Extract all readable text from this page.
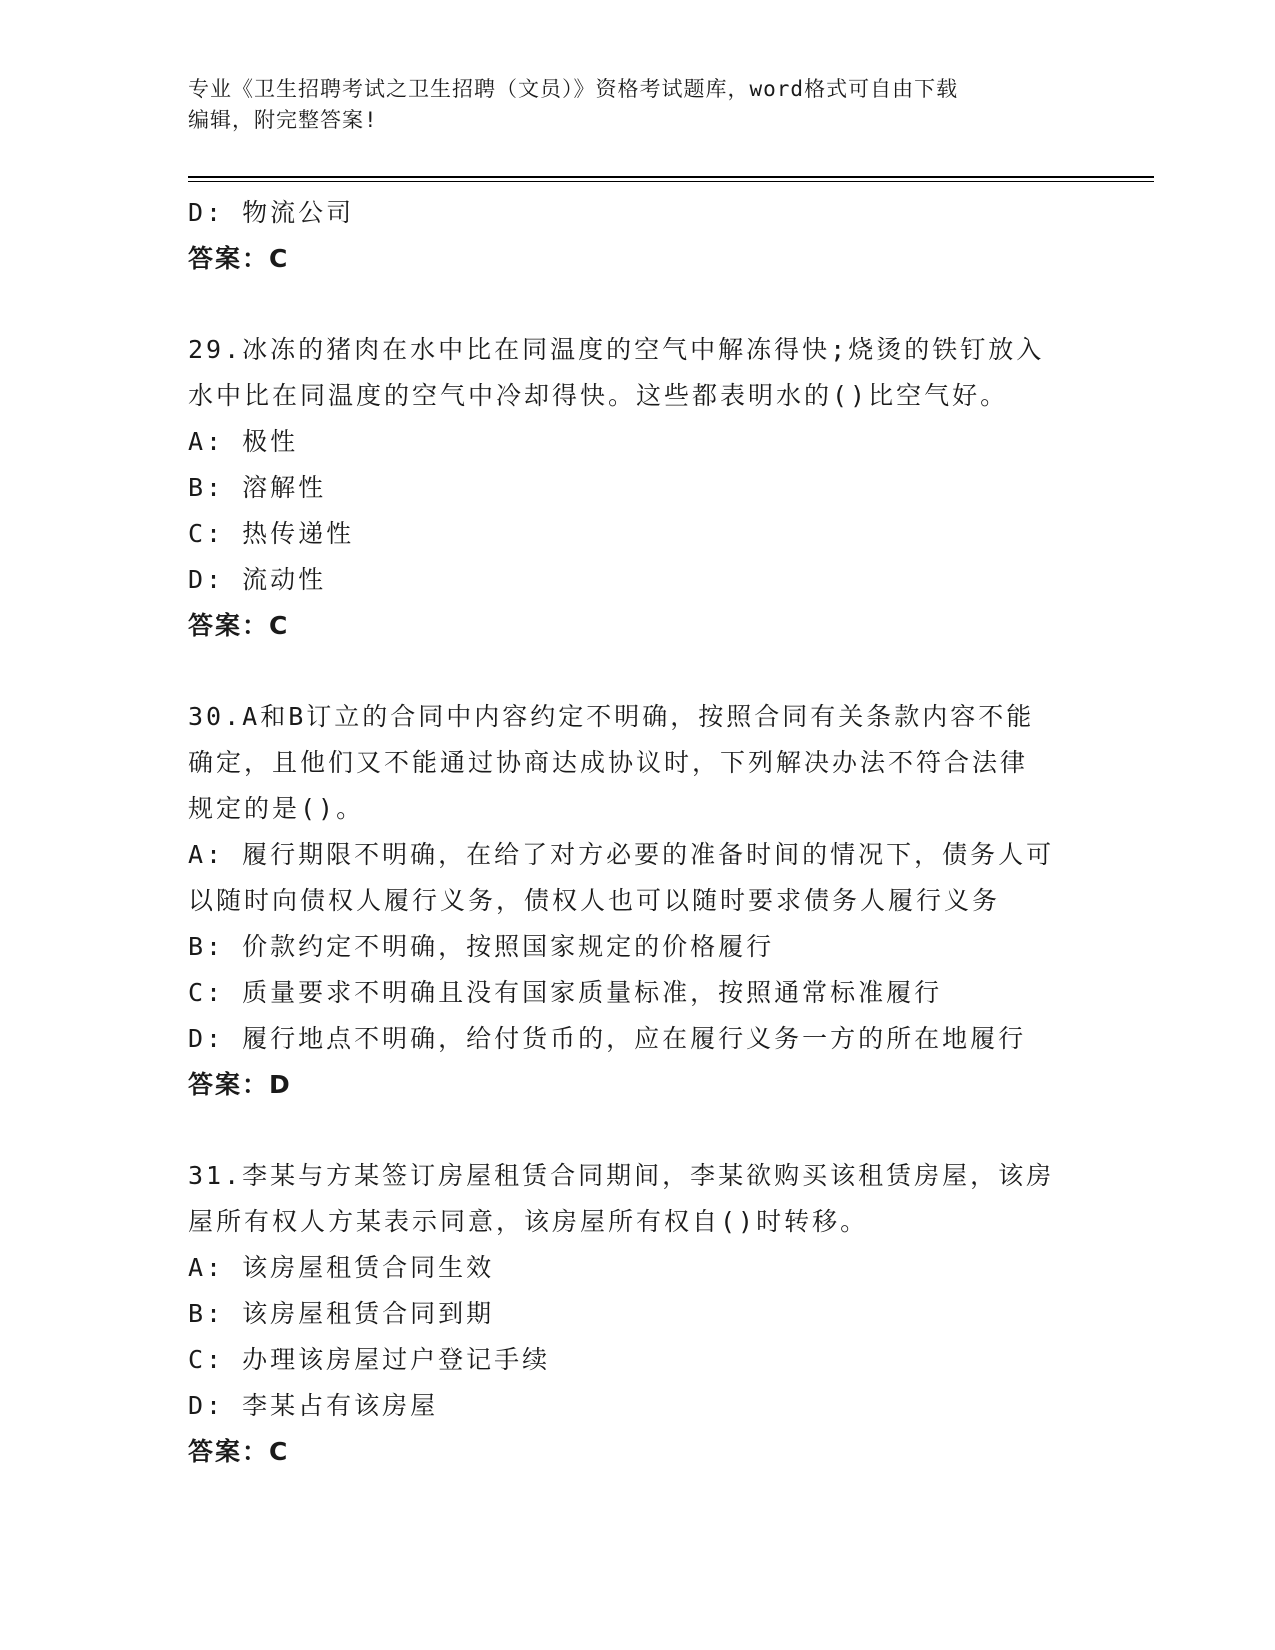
专业《卫生招聘考试之卫生招聘（文员）》资格考试题库，word格式可自由下载
编辑，附完整答案!
D: 物流公司
答案：C
29.冰冻的猪肉在水中比在同温度的空气中解冻得快;烧烫的铁钉放入
水中比在同温度的空气中冷却得快。这些都表明水的()比空气好。
A: 极性
B: 溶解性
C: 热传递性
D: 流动性
答案：C
30.A和B订立的合同中内容约定不明确，按照合同有关条款内容不能
确定，且他们又不能通过协商达成协议时，下列解决办法不符合法律
规定的是()。
A: 履行期限不明确，在给了对方必要的准备时间的情况下，债务人可
以随时向债权人履行义务，债权人也可以随时要求债务人履行义务
B: 价款约定不明确，按照国家规定的价格履行
C: 质量要求不明确且没有国家质量标准，按照通常标准履行
D: 履行地点不明确，给付货币的，应在履行义务一方的所在地履行
答案：D
31.李某与方某签订房屋租赁合同期间，李某欲购买该租赁房屋，该房
屋所有权人方某表示同意，该房屋所有权自()时转移。
A: 该房屋租赁合同生效
B: 该房屋租赁合同到期
C: 办理该房屋过户登记手续
D: 李某占有该房屋
答案：C
